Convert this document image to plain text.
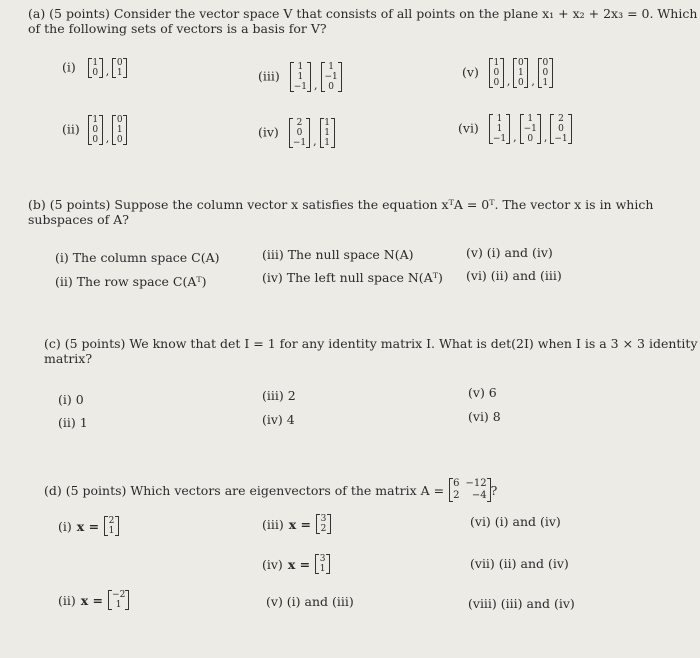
(a) (5 points) Consider the vector space V that consists of all points on the plane x₁ + x₂ + 2x₃ = 0. Which
of the following sets of vectors is a basis for V?
(i) 1
0 ,
0
1
(ii)
1
0
0 ,
0
1
0
(iii)
1
1
−1 ,
1
−1
0
(iv)
2
0
−1 ,
1
1
1
(v)
1
0
0 ,
0
1
0 ,
0
0
1
(vi)
1
1
−1 ,
1
−1
0 ,
2
0
−1
(b) (5 points) Suppose the column vector x satisfies the equation xᵀA = 0ᵀ. The vector x is in which
subspaces of A?
(i) The column space C(A)
(ii) The row space C(Aᵀ)
(iii) The null space N(A)
(iv) The left null space N(Aᵀ)
(v) (i) and (iv)
(vi) (ii) and (iii)
(c) (5 points) We know that det I = 1 for any identity matrix I. What is det(2I) when I is a 3 × 3 identity
matrix?
(i) 0
(ii) 1
(iii) 2
(iv) 4
(v) 6
(vi) 8
(d) (5 points) Which vectors are eigenvectors of the matrix A = 6 −12
2	−4 ?
(i) x = 2
1
(ii) x = −2
1
(iii) x = 3
2
(iv) x = 3
1
(v) (i) and (iii)
(vi) (i) and (iv)
(vii) (ii) and (iv)
(viii) (iii) and (iv)
